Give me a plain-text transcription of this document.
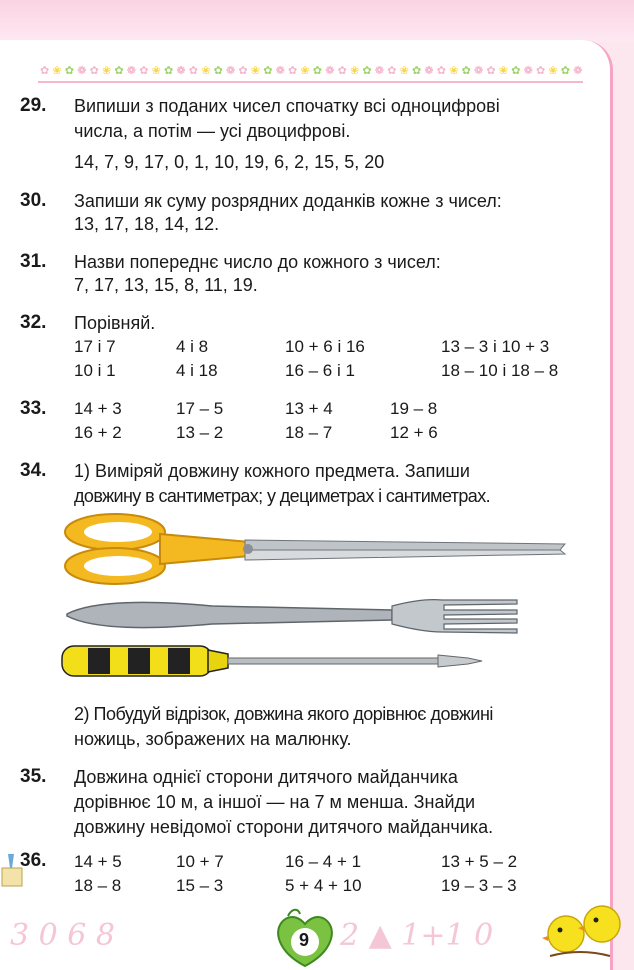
✿ ❀ ✿ ❁ ✿ ❀ ✿ ❁ ✿ ❀ ✿ ❁ ✿ ❀ ✿ ❁ ✿ ❀ ✿ ❁ ✿ ❀ ✿ ❁ ✿ ❀ ✿ ❁ ✿ ❀ ✿ ❁ ✿ ❀ ✿ ❁ ✿ ❀ ✿ ❁ ✿ ❀ ✿ ❁
29. Випиши з поданих чисел спочатку всі одноцифрові
числа, а потім — усі двоцифрові.
14, 7, 9, 17, 0, 1, 10, 19, 6, 2, 15, 5, 20
30. Запиши як суму розрядних доданків кожне з чисел:
13, 17, 18, 14, 12.
31. Назви попереднє число до кожного з чисел:
7, 17, 13, 15, 8, 11, 19.
32. Порівняй.
17 і 7	4 і 8	10 + 6 і 16	13 – 3 і 10 + 3
10 і 1	4 і 18	16 – 6 і 1	18 – 10 і 18 – 8
33. 14 + 3	17 – 5	13 + 4	19 – 8
16 + 2	13 – 2	18 – 7	12 + 6
34. 1) Виміряй довжину кожного предмета. Запиши
довжину в сантиметрах; у дециметрах і сантиметрах.
2) Побудуй відрізок, довжина якого дорівнює довжині
ножиць, зображених на малюнку.
35. Довжина однієї сторони дитячого майданчика
дорівнює 10 м, а іншої — на 7 м менша. Знайди
довжину невідомої сторони дитячого майданчика.
36. 14 + 5	10 + 7	16 – 4 + 1	13 + 5 – 2
18 – 8	15 – 3	5 + 4 + 10	19 – 3 – 3
3 0 6 8	2 ▲ 1+1 0
9
